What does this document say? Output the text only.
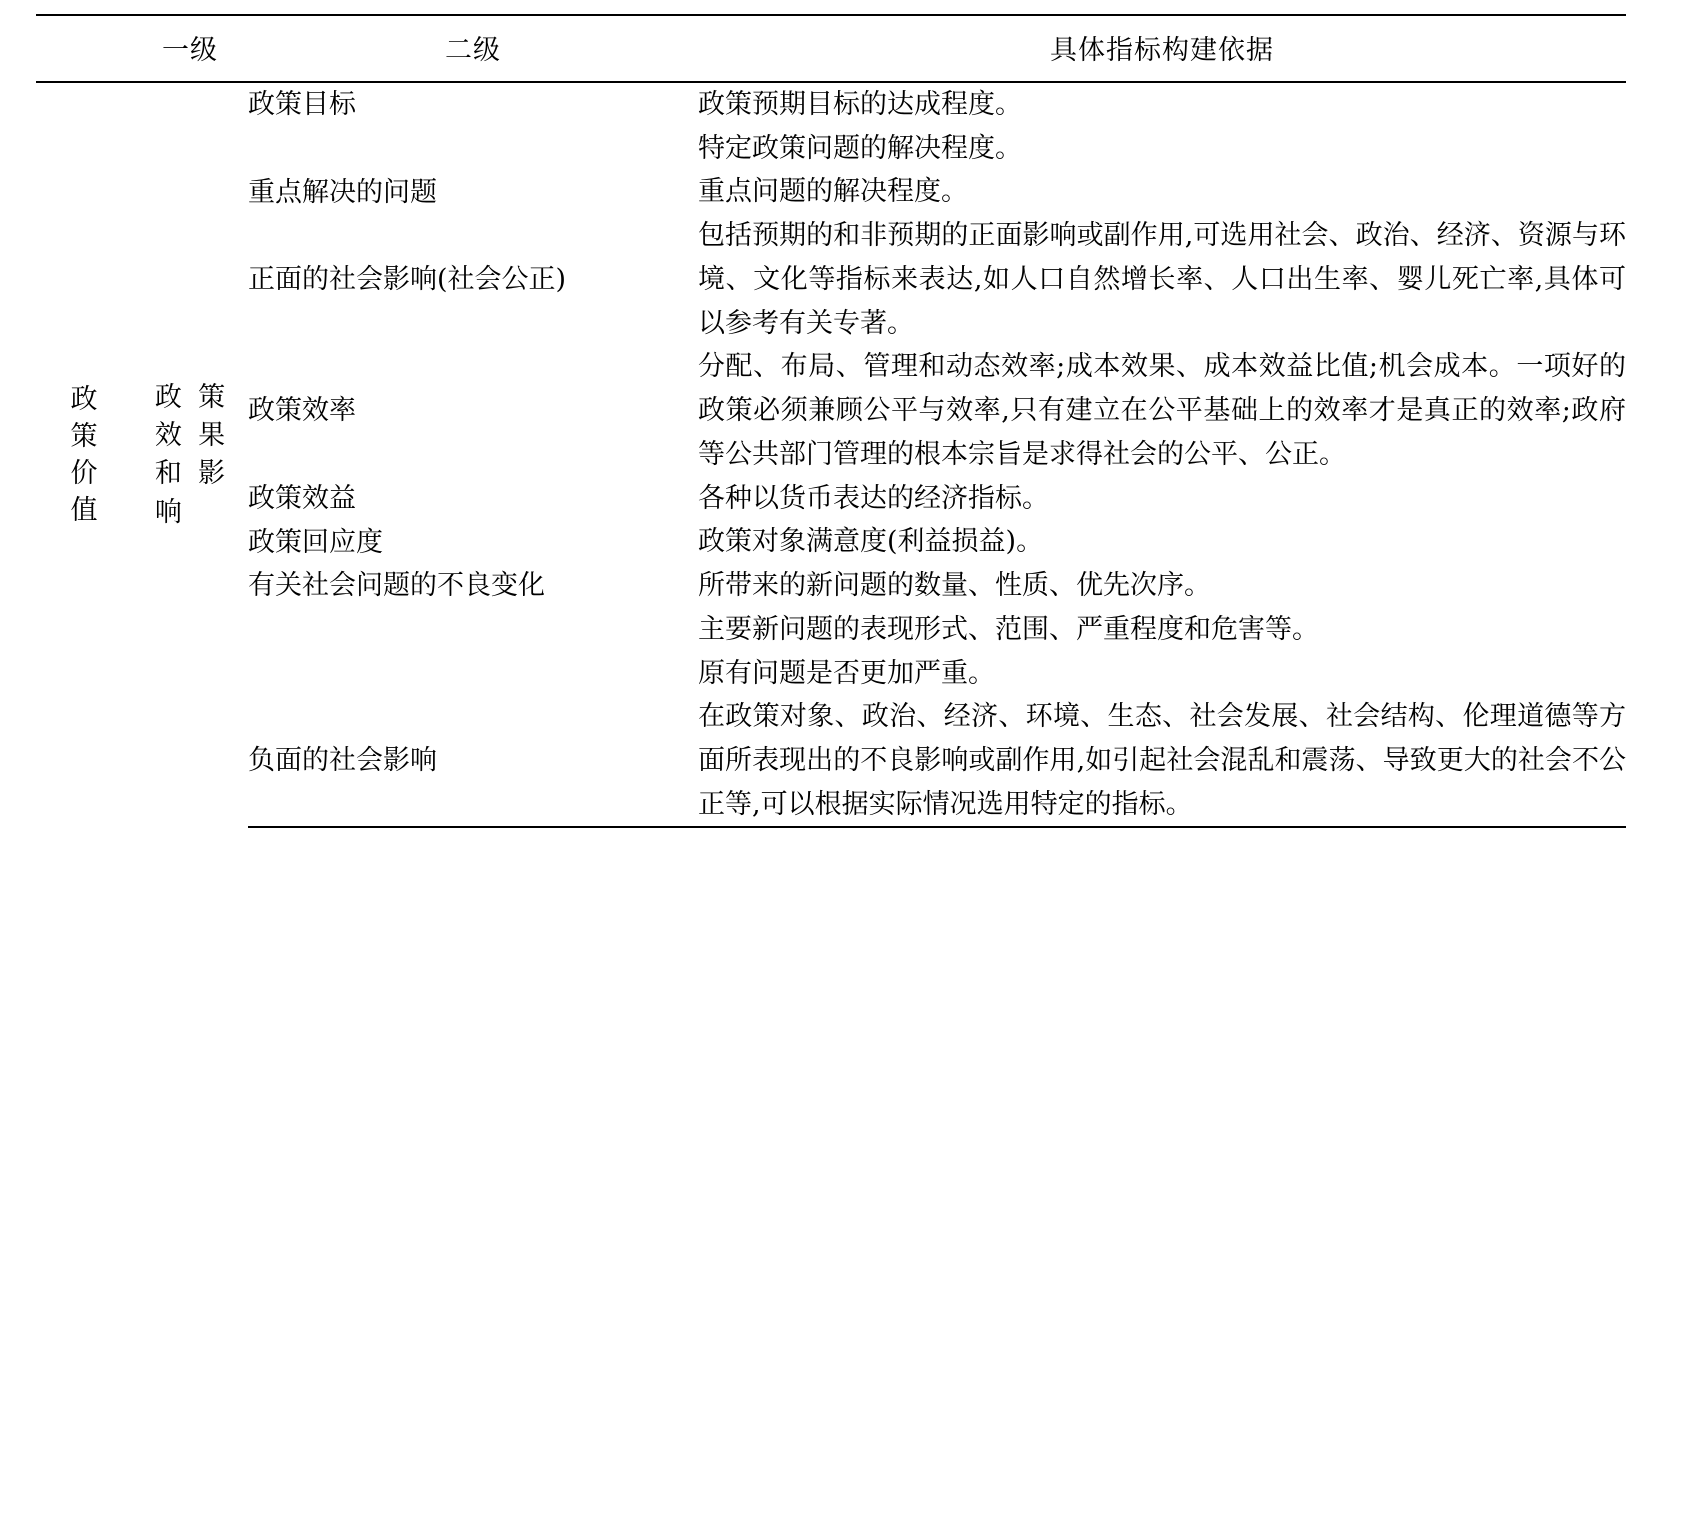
	一级	二级	具体指标构建依据

政策价值	政策效果和影响	政策目标	政策预期目标的达成程度。

			特定政策问题的解决程度。

		重点解决的问题	重点问题的解决程度。

		正面的社会影响(社会公正)	包括预期的和非预期的正面影响或副作用,可选用社会、政治、经济、资源与环境、文化等指标来表达,如人口自然增长率、人口出生率、婴儿死亡率,具体可以参考有关专著。

		政策效率	分配、布局、管理和动态效率;成本效果、成本效益比值;机会成本。一项好的政策必须兼顾公平与效率,只有建立在公平基础上的效率才是真正的效率;政府等公共部门管理的根本宗旨是求得社会的公平、公正。

		政策效益	各种以货币表达的经济指标。

		政策回应度	政策对象满意度(利益损益)。

		有关社会问题的不良变化	所带来的新问题的数量、性质、优先次序。

			主要新问题的表现形式、范围、严重程度和危害等。

			原有问题是否更加严重。

		负面的社会影响	在政策对象、政治、经济、环境、生态、社会发展、社会结构、伦理道德等方面所表现出的不良影响或副作用,如引起社会混乱和震荡、导致更大的社会不公正等,可以根据实际情况选用特定的指标。
